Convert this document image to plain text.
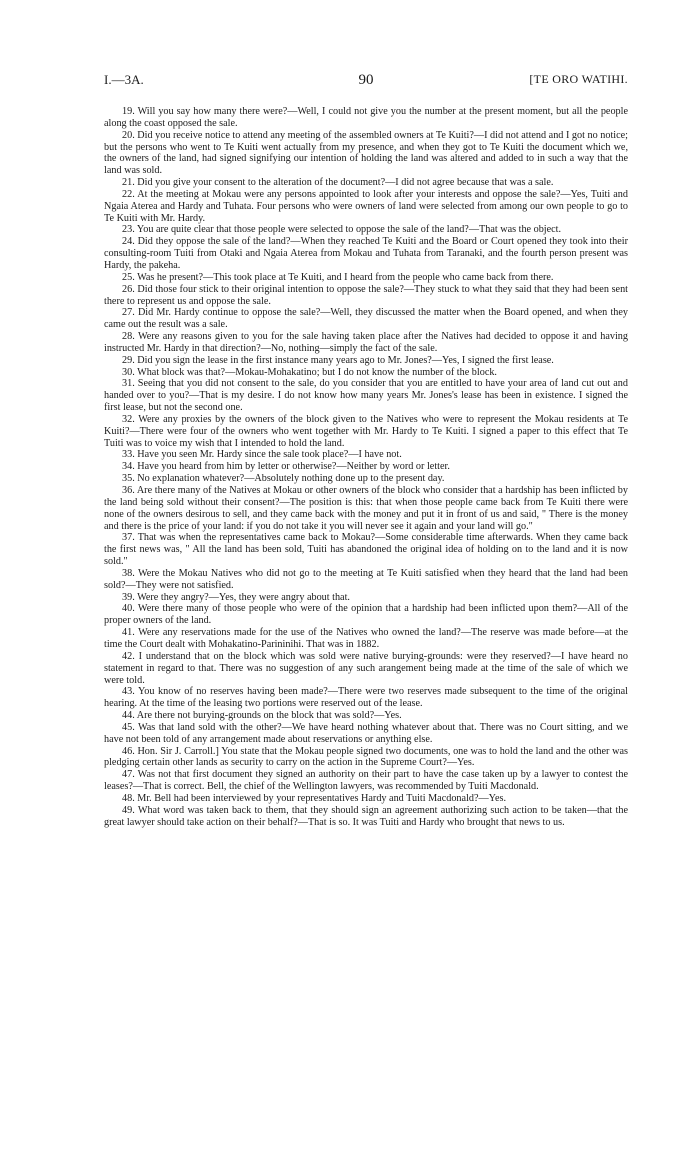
I.—3A.	90	[TE ORO WATIHI.

19. Will you say how many there were?—Well, I could not give you the number at the present moment, but all the people along the coast opposed the sale.

20. Did you receive notice to attend any meeting of the assembled owners at Te Kuiti?—I did not attend and I got no notice; but the persons who went to Te Kuiti went actually from my presence, and when they got to Te Kuiti the document which we, the owners of the land, had signed signifying our intention of holding the land was altered and added to in such a way that the land was sold.

21. Did you give your consent to the alteration of the document?—I did not agree because that was a sale.

22. At the meeting at Mokau were any persons appointed to look after your interests and oppose the sale?—Yes, Tuiti and Ngaia Aterea and Hardy and Tuhata. Four persons who were owners of land were selected from among our own people to go to Te Kuiti with Mr. Hardy.

23. You are quite clear that those people were selected to oppose the sale of the land?—That was the object.

24. Did they oppose the sale of the land?—When they reached Te Kuiti and the Board or Court opened they took into their consulting-room Tuiti from Otaki and Ngaia Aterea from Mokau and Tuhata from Taranaki, and the fourth person present was Hardy, the pakeha.

25. Was he present?—This took place at Te Kuiti, and I heard from the people who came back from there.

26. Did those four stick to their original intention to oppose the sale?—They stuck to what they said that they had been sent there to represent us and oppose the sale.

27. Did Mr. Hardy continue to oppose the sale?—Well, they discussed the matter when the Board opened, and when they came out the result was a sale.

28. Were any reasons given to you for the sale having taken place after the Natives had decided to oppose it and having instructed Mr. Hardy in that direction?—No, nothing—simply the fact of the sale.

29. Did you sign the lease in the first instance many years ago to Mr. Jones?—Yes, I signed the first lease.

30. What block was that?—Mokau-Mohakatino; but I do not know the number of the block.

31. Seeing that you did not consent to the sale, do you consider that you are entitled to have your area of land cut out and handed over to you?—That is my desire. I do not know how many years Mr. Jones's lease has been in existence. I signed the first lease, but not the second one.

32. Were any proxies by the owners of the block given to the Natives who were to represent the Mokau residents at Te Kuiti?—There were four of the owners who went together with Mr. Hardy to Te Kuiti. I signed a paper to this effect that Te Tuiti was to voice my wish that I intended to hold the land.

33. Have you seen Mr. Hardy since the sale took place?—I have not.

34. Have you heard from him by letter or otherwise?—Neither by word or letter.

35. No explanation whatever?—Absolutely nothing done up to the present day.

36. Are there many of the Natives at Mokau or other owners of the block who consider that a hardship has been inflicted by the land being sold without their consent?—The position is this: that when those people came back from Te Kuiti there were none of the owners desirous to sell, and they came back with the money and put it in front of us and said, " There is the money and there is the price of your land: if you do not take it you will never see it again and your land will go."

37. That was when the representatives came back to Mokau?—Some considerable time afterwards. When they came back the first news was, " All the land has been sold, Tuiti has abandoned the original idea of holding on to the land and it is now sold."

38. Were the Mokau Natives who did not go to the meeting at Te Kuiti satisfied when they heard that the land had been sold?—They were not satisfied.

39. Were they angry?—Yes, they were angry about that.

40. Were there many of those people who were of the opinion that a hardship had been inflicted upon them?—All of the proper owners of the land.

41. Were any reservations made for the use of the Natives who owned the land?—The reserve was made before—at the time the Court dealt with Mohakatino-Parininihi. That was in 1882.

42. I understand that on the block which was sold were native burying-grounds: were they reserved?—I have heard no statement in regard to that. There was no suggestion of any such arangement being made at the time of the sale of which we were told.

43. You know of no reserves having been made?—There were two reserves made subsequent to the time of the original hearing. At the time of the leasing two portions were reserved out of the lease.

44. Are there not burying-grounds on the block that was sold?—Yes.

45. Was that land sold with the other?—We have heard nothing whatever about that. There was no Court sitting, and we have not been told of any arrangement made about reservations or anything else.

46. Hon. Sir J. Carroll.] You state that the Mokau people signed two documents, one was to hold the land and the other was pledging certain other lands as security to carry on the action in the Supreme Court?—Yes.

47. Was not that first document they signed an authority on their part to have the case taken up by a lawyer to contest the leases?—That is correct. Bell, the chief of the Wellington lawyers, was recommended by Tuiti Macdonald.

48. Mr. Bell had been interviewed by your representatives Hardy and Tuiti Macdonald?—Yes.

49. What word was taken back to them, that they should sign an agreement authorizing such action to be taken—that the great lawyer should take action on their behalf?—That is so. It was Tuiti and Hardy who brought that news to us.
